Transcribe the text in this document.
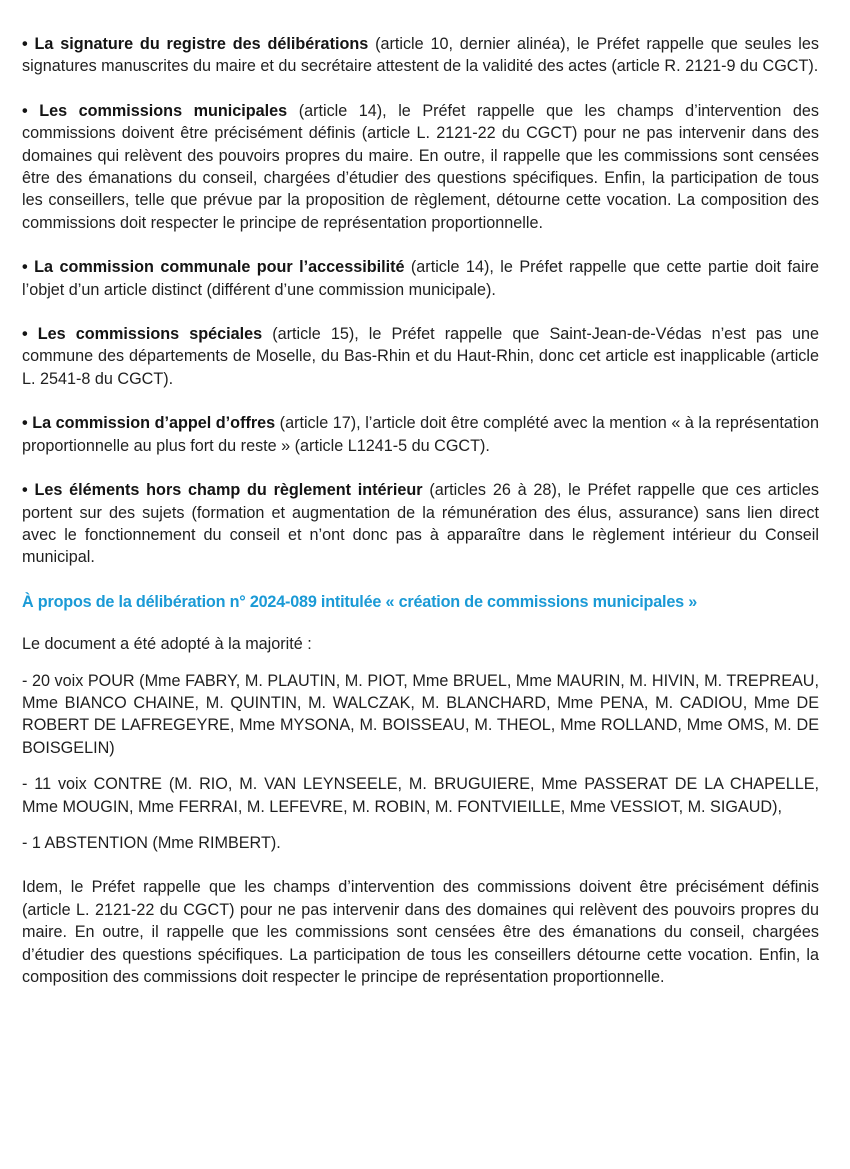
• La signature du registre des délibérations (article 10, dernier alinéa), le Préfet rappelle que seules les signatures manuscrites du maire et du secrétaire attestent de la validité des actes (article R. 2121-9 du CGCT).

• Les commissions municipales (article 14), le Préfet rappelle que les champs d’intervention des commissions doivent être précisément définis (article L. 2121-22 du CGCT) pour ne pas intervenir dans des domaines qui relèvent des pouvoirs propres du maire. En outre, il rappelle que les commissions sont censées être des émanations du conseil, chargées d’étudier des questions spécifiques. Enfin, la participation de tous les conseillers, telle que prévue par la proposition de règlement, détourne cette vocation. La composition des commissions doit respecter le principe de représentation proportionnelle.

• La commission communale pour l’accessibilité (article 14), le Préfet rappelle que cette partie doit faire l’objet d’un article distinct (différent d’une commission municipale).

• Les commissions spéciales (article 15), le Préfet rappelle que Saint-Jean-de-Védas n’est pas une commune des départements de Moselle, du Bas-Rhin et du Haut-Rhin, donc cet article est inapplicable (article L. 2541-8 du CGCT).

• La commission d’appel d’offres (article 17), l’article doit être complété avec la mention « à la représentation proportionnelle au plus fort du reste » (article L1241-5 du CGCT).

• Les éléments hors champ du règlement intérieur (articles 26 à 28), le Préfet rappelle que ces articles portent sur des sujets (formation et augmentation de la rémunération des élus, assurance) sans lien direct avec le fonctionnement du conseil et n’ont donc pas à apparaître dans le règlement intérieur du Conseil municipal.

À propos de la délibération n° 2024-089 intitulée « création de commissions municipales »

Le document a été adopté à la majorité :

- 20 voix POUR (Mme FABRY, M. PLAUTIN, M. PIOT, Mme BRUEL, Mme MAURIN, M. HIVIN, M. TREPREAU, Mme BIANCO CHAINE, M. QUINTIN, M. WALCZAK, M. BLANCHARD, Mme PENA, M. CADIOU, Mme DE ROBERT DE LAFREGEYRE, Mme MYSONA, M. BOISSEAU, M. THEOL, Mme ROLLAND, Mme OMS, M. DE BOISGELIN)

- 11 voix CONTRE (M. RIO, M. VAN LEYNSEELE, M. BRUGUIERE, Mme PASSERAT DE LA CHAPELLE, Mme MOUGIN, Mme FERRAI, M. LEFEVRE, M. ROBIN, M. FONTVIEILLE, Mme VESSIOT, M. SIGAUD),

- 1 ABSTENTION (Mme RIMBERT).

Idem, le Préfet rappelle que les champs d’intervention des commissions doivent être précisément définis (article L. 2121-22 du CGCT) pour ne pas intervenir dans des domaines qui relèvent des pouvoirs propres du maire. En outre, il rappelle que les commissions sont censées être des émanations du conseil, chargées d’étudier des questions spécifiques. La participation de tous les conseillers détourne cette vocation. Enfin, la composition des commissions doit respecter le principe de représentation proportionnelle.
